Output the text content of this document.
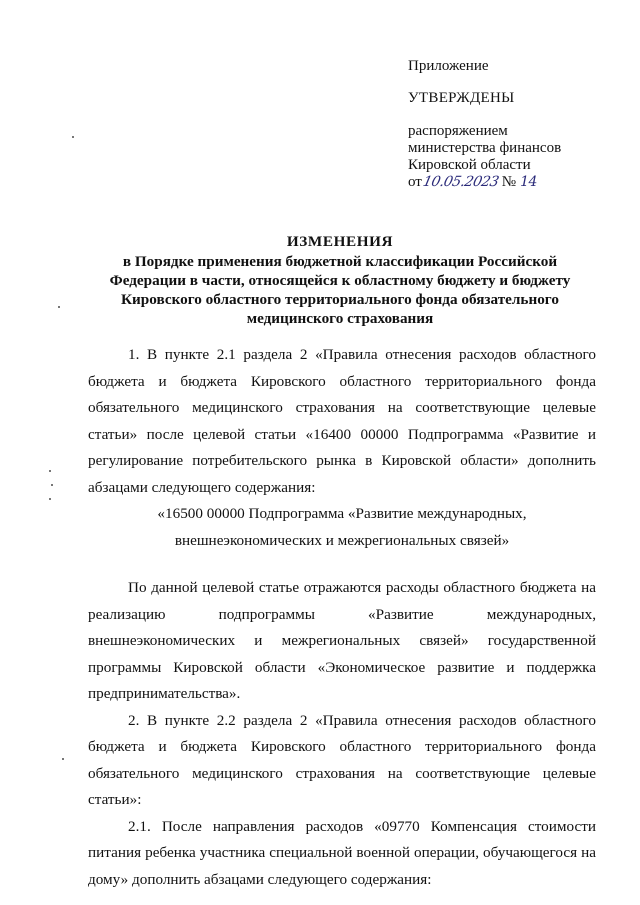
Приложение
УТВЕРЖДЕНЫ
распоряжением
министерства финансов
Кировской области
от10.05.2023 № 14
ИЗМЕНЕНИЯ
в Порядке применения бюджетной классификации Российской
Федерации в части, относящейся к областному бюджету и бюджету
Кировского областного территориального фонда обязательного
медицинского страхования

1. В пункте 2.1 раздела 2 «Правила отнесения расходов областного бюджета и бюджета Кировского областного территориального фонда обязательного медицинского страхования на соответствующие целевые статьи» после целевой статьи «16400 00000 Подпрограмма «Развитие и регулирование потребительского рынка в Кировской области» дополнить абзацами следующего содержания:

«16500 00000 Подпрограмма «Развитие международных,

внешнеэкономических и межрегиональных связей»

По данной целевой статье отражаются расходы областного бюджета на реализацию подпрограммы «Развитие международных, внешнеэкономических и межрегиональных связей» государственной программы Кировской области «Экономическое развитие и поддержка предпринимательства».

2. В пункте 2.2 раздела 2 «Правила отнесения расходов областного бюджета и бюджета Кировского областного территориального фонда обязательного медицинского страхования на соответствующие целевые статьи»:

2.1. После направления расходов «09770 Компенсация стоимости питания ребенка участника специальной военной операции, обучающегося на дому» дополнить абзацами следующего содержания:
